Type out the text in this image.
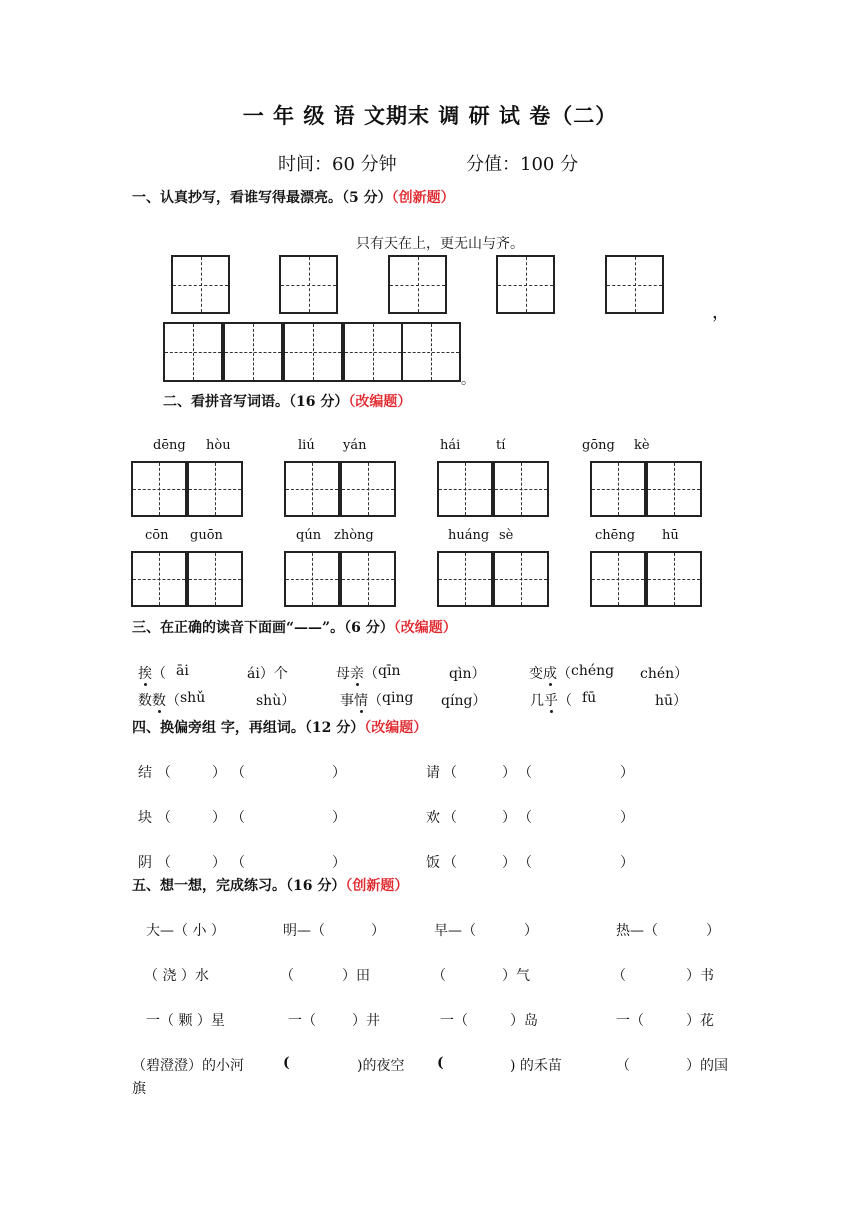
一 年 级 语 文期末 调 研 试 卷（二）
时间：60 分钟	分值：100 分
一、认真抄写，看谁写得最漂亮。（5 分）（创新题）
只有天在上，更无山与齐。
，
。
二、看拼音写词语。（16 分）（改编题）
dēng hòu	liú yán	hái	tí	gōng kè
cōn guōn	qún zhòng	huáng sè	chēng hū
三、在正确的读音下面画“——”。（6 分）（改编题）
挨（ āi	ái）个	母亲（ qīn	qìn）	变成（ chéng chén）
数数（ shǔ	shù）	事情（ qing qíng）	几乎（ fū	hū）
四、换偏旁组 字，再组词。（12 分）（改编题）
结 （	） （	）	请 （	） （	）
块 （	） （	）	欢 （	） （	）
阴 （	） （	）	饭 （	） （	）
五、想一想，完成练习。（16 分）（创新题）
大—（ 小 ）	明—（	）	早—（	）	热—（	）
（ 浇 ）水	（	）田	（	）气	（	）书
一（ 颗 ）星	一（	）井	一（	）岛	一（	）花
（碧澄澄）的小河	(	)的夜空 (	) 的禾苗	（	）的国
旗
